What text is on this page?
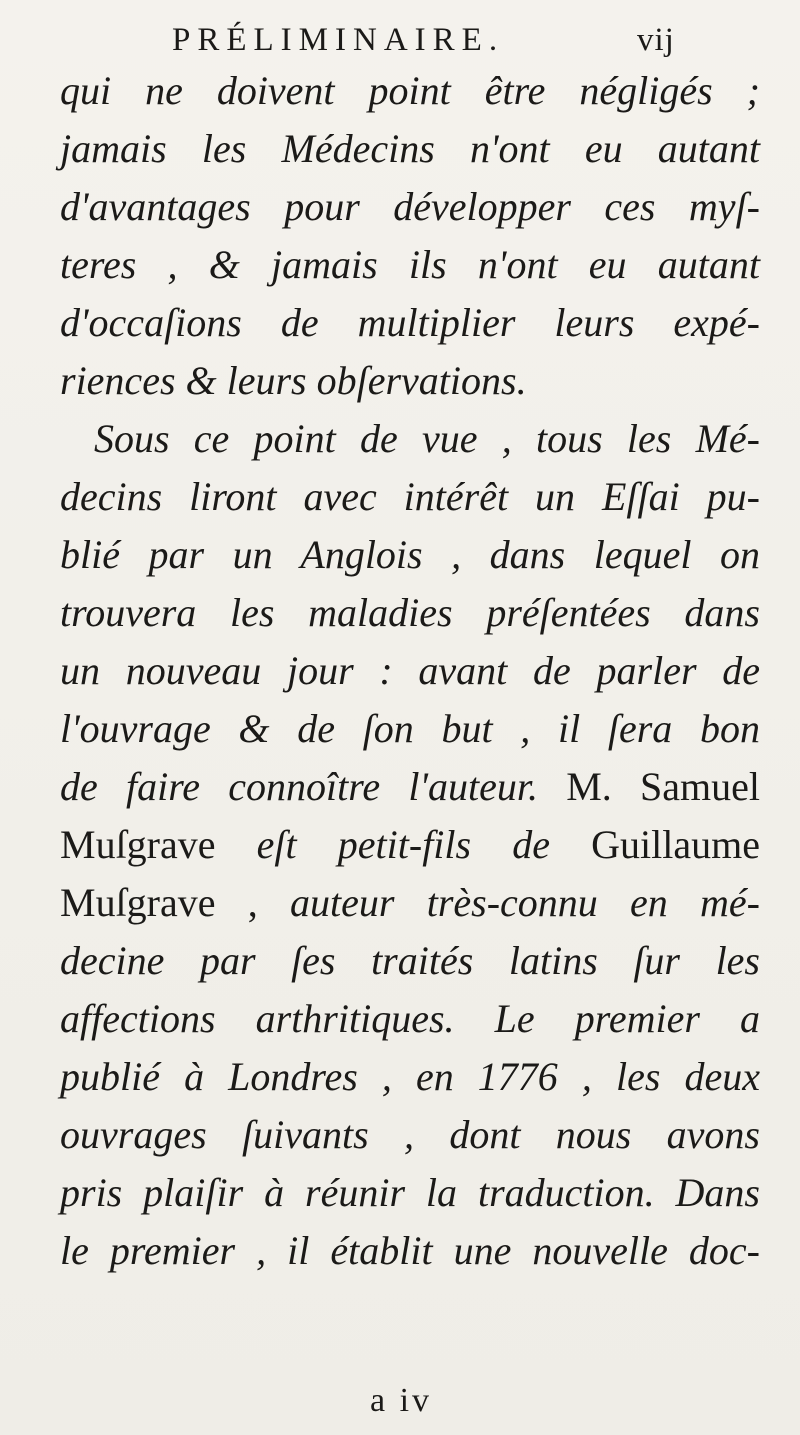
PRÉLIMINAIRE.	vij
qui ne doivent point être négligés ;
jamais les Médecins n'ont eu autant
d'avantages pour développer ces myſ-
teres , & jamais ils n'ont eu autant
d'occaſions de multiplier leurs expé-
riences & leurs obſervations.
Sous ce point de vue , tous les Mé-
decins liront avec intérêt un Eſſai pu-
blié par un Anglois , dans lequel on
trouvera les maladies préſentées dans
un nouveau jour : avant de parler de
l'ouvrage & de ſon but , il ſera bon
de faire connoître l'auteur. M. Samuel
Muſgrave eſt petit-fils de Guillaume
Muſgrave , auteur très-connu en mé-
decine par ſes traités latins ſur les
affections arthritiques. Le premier a
publié à Londres , en 1776 , les deux
ouvrages ſuivants , dont nous avons
pris plaiſir à réunir la traduction. Dans
le premier , il établit une nouvelle doc-
a iv
